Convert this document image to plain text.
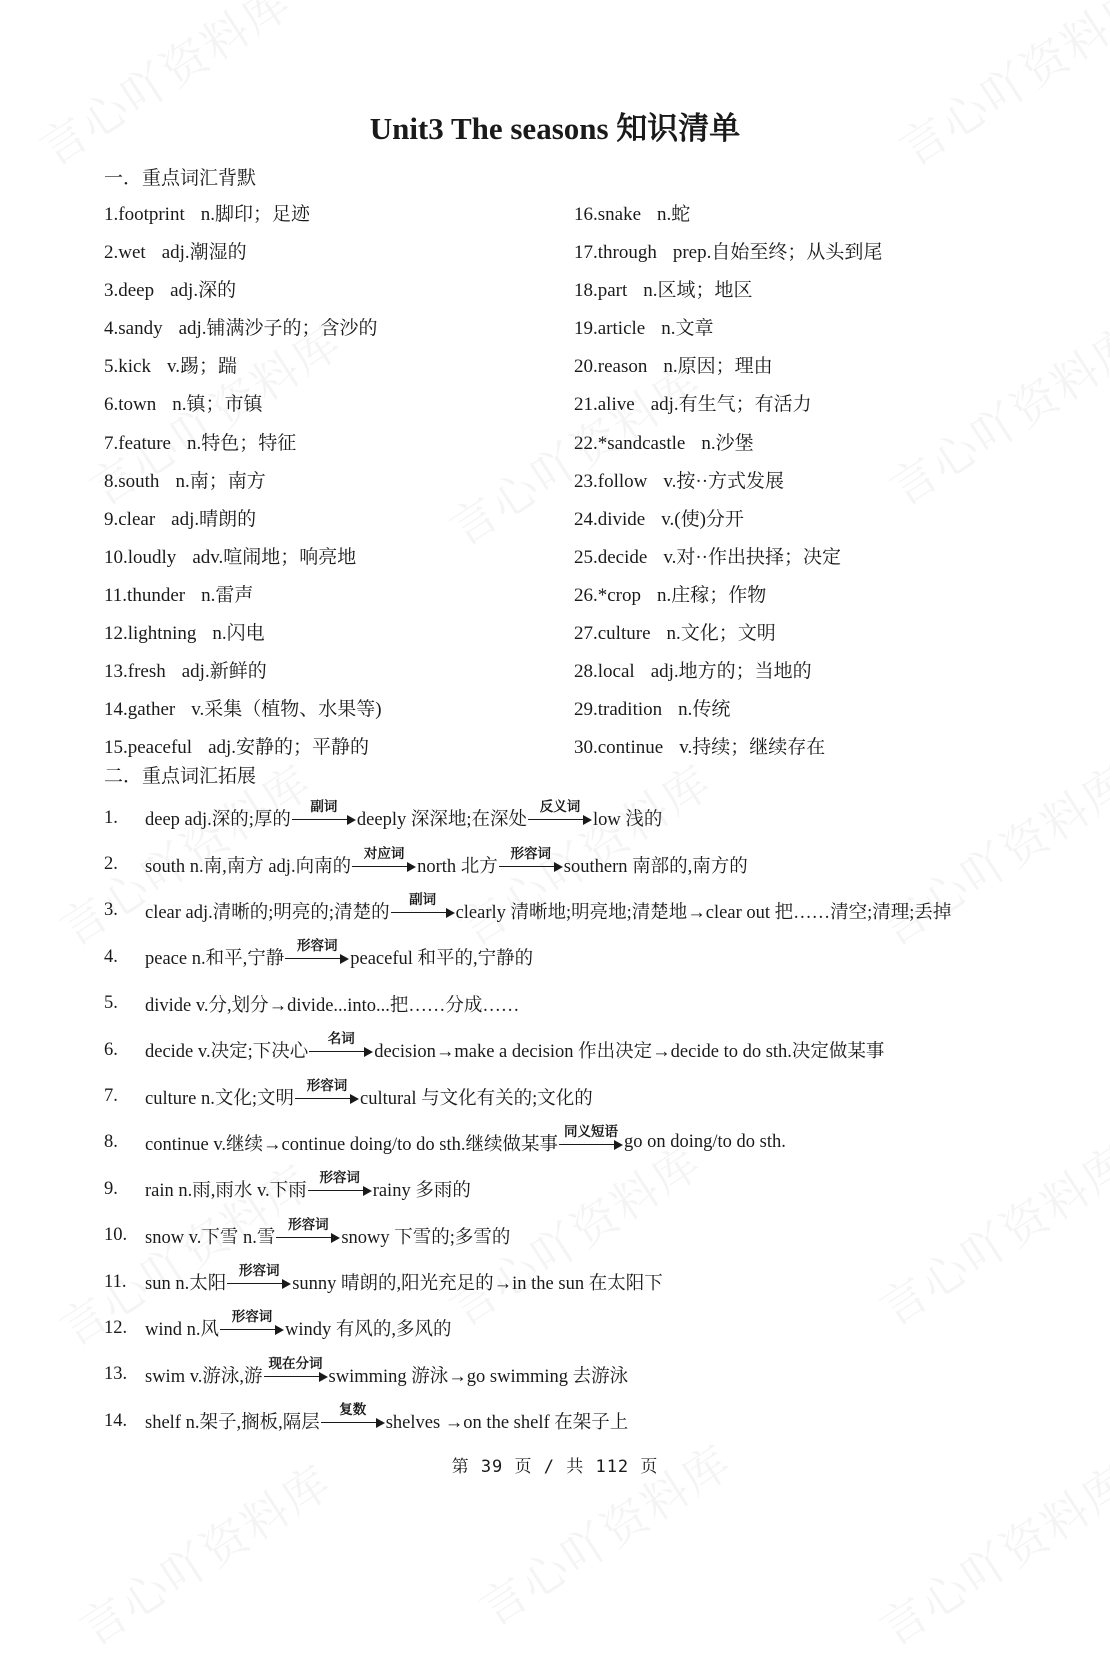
Unit3 The seasons 知识清单
一．重点词汇背默
1.footprint n.脚印；足迹
2.wet adj.潮湿的
3.deep adj.深的
4.sandy adj.铺满沙子的；含沙的
5.kick v.踢；踹
6.town n.镇；市镇
7.feature n.特色；特征
8.south n.南；南方
9.clear adj.晴朗的
10.loudly adv.喧闹地；响亮地
11.thunder n.雷声
12.lightning n.闪电
13.fresh adj.新鲜的
14.gather v.采集（植物、水果等)
15.peaceful adj.安静的；平静的
16.snake n.蛇
17.through prep.自始至终；从头到尾
18.part n.区域；地区
19.article n.文章
20.reason n.原因；理由
21.alive adj.有生气；有活力
22.*sandcastle n.沙堡
23.follow v.按··方式发展
24.divide v.(使)分开
25.decide v.对··作出抉择；决定
26.*crop n.庄稼；作物
27.culture n.文化；文明
28.local adj.地方的；当地的
29.tradition n.传统
30.continue v.持续；继续存在
二．重点词汇拓展
1.	deep adj.深的;厚的
副词
deeply 深深地;在深处
反义词
low 浅的
2.	south n.南,南方 adj.向南的
对应词
north 北方
形容词
southern 南部的,南方的
3.	clear adj.清晰的;明亮的;清楚的
副词
clearly 清晰地;明亮地;清楚地→clear out 把……清空;清理;丢掉
4.	peace n.和平,宁静
形容词
peaceful 和平的,宁静的
5.	divide v.分,划分→divide...into...把……分成……
6.	decide v.决定;下决心
名词
decision→make a decision 作出决定→decide to do sth.决定做某事
7.	culture n.文化;文明
形容词
cultural 与文化有关的;文化的
8.	continue v.继续→continue doing/to do sth.继续做某事
同义短语
go on doing/to do sth.
9.	rain n.雨,雨水 v.下雨
形容词
rainy 多雨的
10. snow v.下雪 n.雪
形容词
snowy 下雪的;多雪的
11.	sun n.太阳
形容词
sunny 晴朗的,阳光充足的→in the sun 在太阳下
12. wind n.风
形容词
windy 有风的,多风的
13. swim v.游泳,游
现在分词
swimming 游泳→go swimming 去游泳
14. shelf n.架子,搁板,隔层
复数
shelves →on the shelf 在架子上
第 39 页 / 共 112 页
